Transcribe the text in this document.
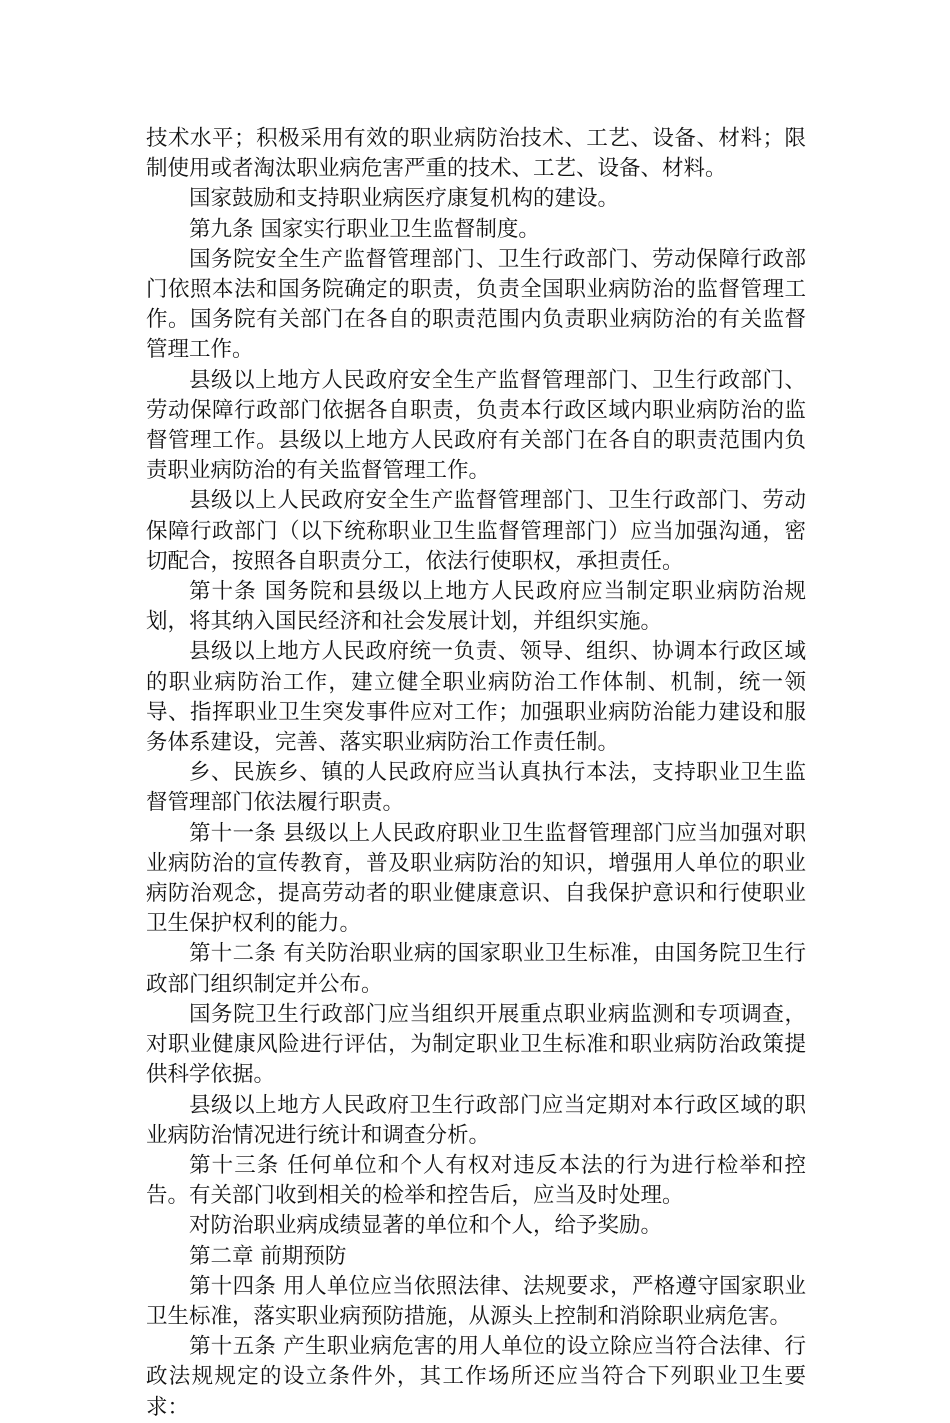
技术水平；积极采用有效的职业病防治技术、工艺、设备、材料；限制使用或者淘汰职业病危害严重的技术、工艺、设备、材料。

国家鼓励和支持职业病医疗康复机构的建设。

第九条 国家实行职业卫生监督制度。

国务院安全生产监督管理部门、卫生行政部门、劳动保障行政部门依照本法和国务院确定的职责，负责全国职业病防治的监督管理工作。国务院有关部门在各自的职责范围内负责职业病防治的有关监督管理工作。

县级以上地方人民政府安全生产监督管理部门、卫生行政部门、劳动保障行政部门依据各自职责，负责本行政区域内职业病防治的监督管理工作。县级以上地方人民政府有关部门在各自的职责范围内负责职业病防治的有关监督管理工作。

县级以上人民政府安全生产监督管理部门、卫生行政部门、劳动保障行政部门（以下统称职业卫生监督管理部门）应当加强沟通，密切配合，按照各自职责分工，依法行使职权，承担责任。

第十条 国务院和县级以上地方人民政府应当制定职业病防治规划，将其纳入国民经济和社会发展计划，并组织实施。

县级以上地方人民政府统一负责、领导、组织、协调本行政区域的职业病防治工作，建立健全职业病防治工作体制、机制，统一领导、指挥职业卫生突发事件应对工作；加强职业病防治能力建设和服务体系建设，完善、落实职业病防治工作责任制。

乡、民族乡、镇的人民政府应当认真执行本法，支持职业卫生监督管理部门依法履行职责。

第十一条 县级以上人民政府职业卫生监督管理部门应当加强对职业病防治的宣传教育，普及职业病防治的知识，增强用人单位的职业病防治观念，提高劳动者的职业健康意识、自我保护意识和行使职业卫生保护权利的能力。

第十二条 有关防治职业病的国家职业卫生标准，由国务院卫生行政部门组织制定并公布。

国务院卫生行政部门应当组织开展重点职业病监测和专项调查，对职业健康风险进行评估，为制定职业卫生标准和职业病防治政策提供科学依据。

县级以上地方人民政府卫生行政部门应当定期对本行政区域的职业病防治情况进行统计和调查分析。

第十三条 任何单位和个人有权对违反本法的行为进行检举和控告。有关部门收到相关的检举和控告后，应当及时处理。

对防治职业病成绩显著的单位和个人，给予奖励。

第二章 前期预防

第十四条 用人单位应当依照法律、法规要求，严格遵守国家职业卫生标准，落实职业病预防措施，从源头上控制和消除职业病危害。

第十五条 产生职业病危害的用人单位的设立除应当符合法律、行政法规规定的设立条件外，其工作场所还应当符合下列职业卫生要求：
